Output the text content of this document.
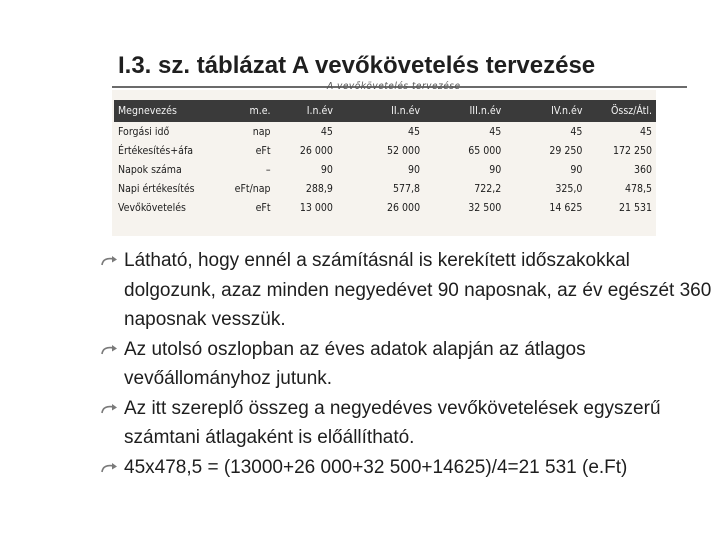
I.3. sz. táblázat A vevőkövetelés tervezése
A vevőkövetelés tervezése
Megnevezés	m.e.	I.n.év	II.n.év	III.n.év	IV.n.év	Össz/Átl.
Forgási idő	nap	45	45	45	45	45
Értékesítés+áfa	eFt	26 000	52 000	65 000	29 250	172 250
Napok száma	–	90	90	90	90	360
Napi értékesítés	eFt/nap	288,9	577,8	722,2	325,0	478,5
Vevőkövetelés	eFt	13 000	26 000	32 500	14 625	21 531
Látható, hogy ennél a számításnál is kerekített időszakokkal dolgozunk, azaz minden negyedévet 90 naposnak, az év egészét 360 naposnak vesszük.
Az utolsó oszlopban az éves adatok alapján az átlagos vevőállományhoz jutunk.
Az itt szereplő összeg a negyedéves vevőkövetelések egyszerű számtani átlagaként is előállítható.
45x478,5 = (13000+26 000+32 500+14625)/4=21 531 (e.Ft)
